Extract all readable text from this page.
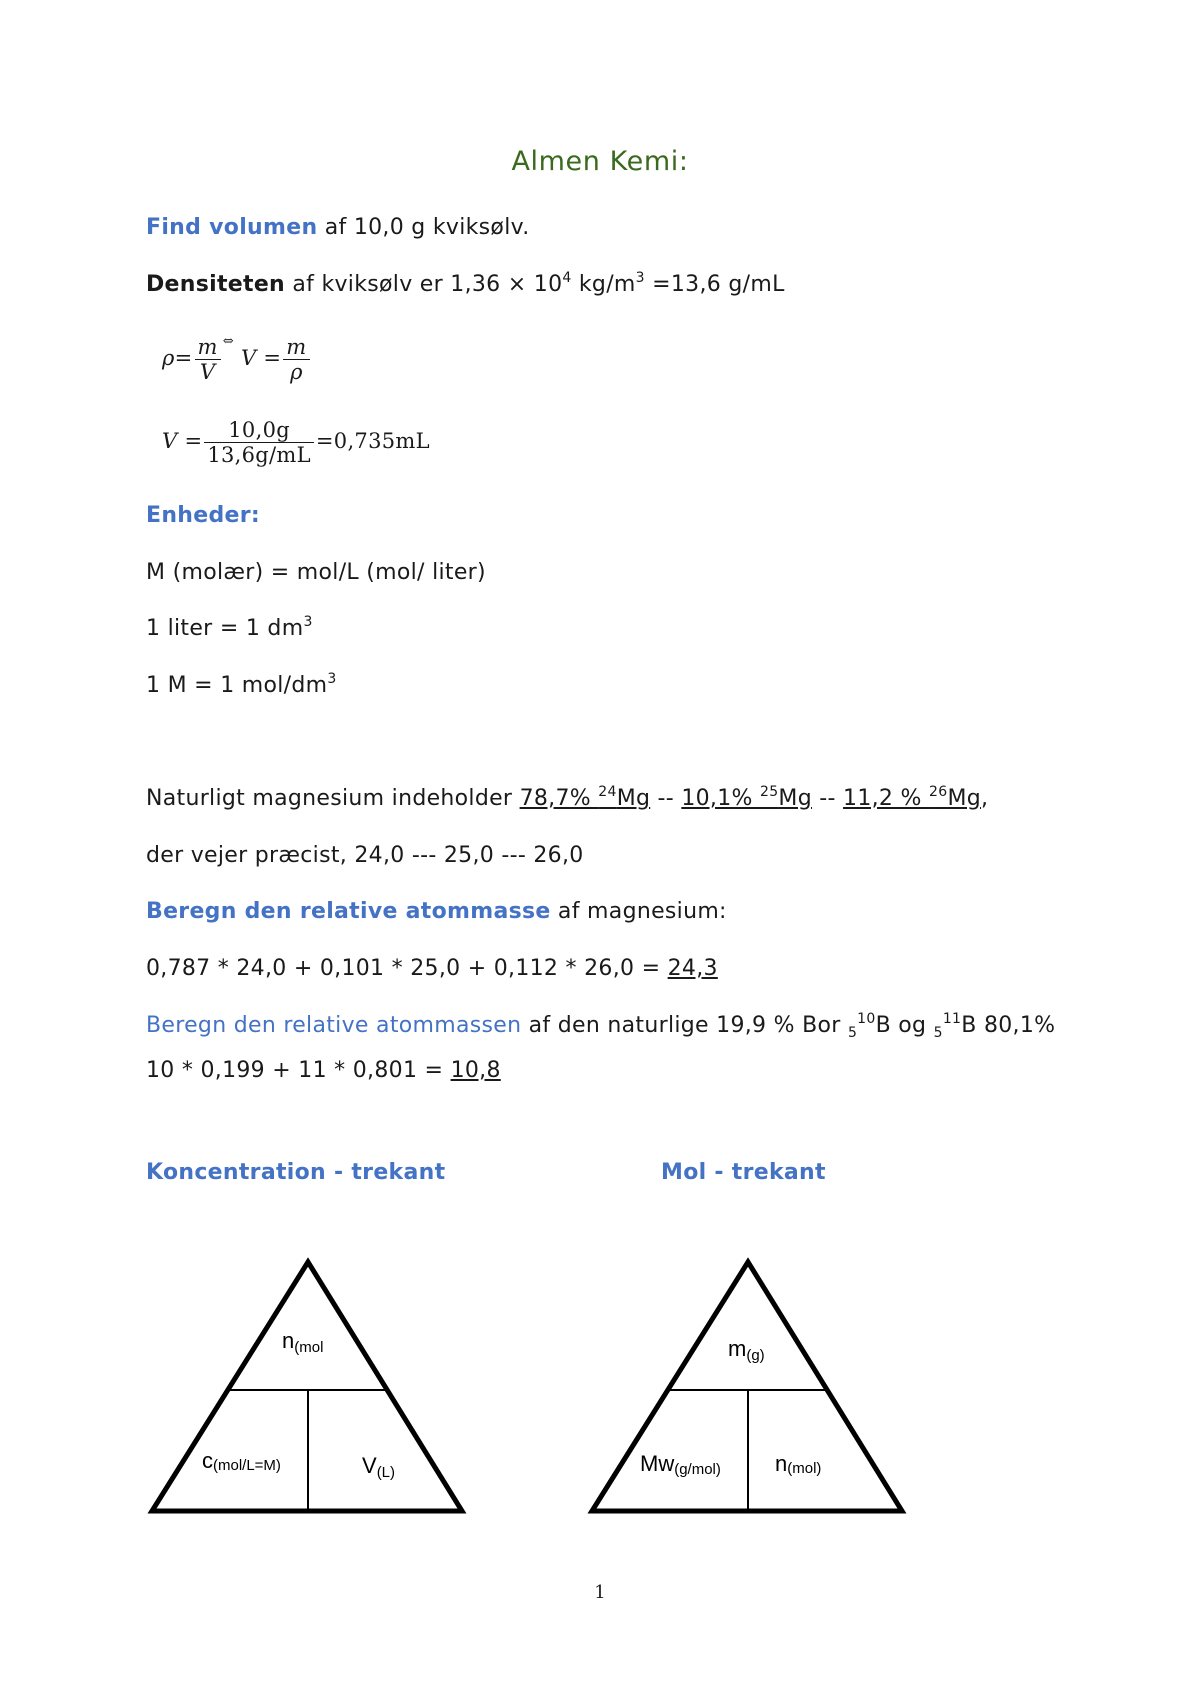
Almen Kemi:
Find volumen af 10,0 g kviksølv.
Densiteten af kviksølv er $1,36 \times 10^4$ $kg/m^3 =13,6$ g/mL
$\rho= \frac{m}{V} ^\Leftrightarrow$ $V = \frac{m}{\rho}$
$V = \frac{10,0g}{13,6g/mL} =0,735mL$
Enheder:
M (molær) = mol/L (mol/ liter)
1 liter = 1 $dm^3$
1 M = 1 mol/$dm^3$
Naturligt magnesium indeholder 78,7% $^{24}$Mg -- 10,1% $^{25}$Mg -- 11,2 % $^{26}$Mg,
der vejer præcist, 24,0 --- 25,0 --- 26,0
Beregn den relative atommasse af magnesium:
0,787 * 24,0 + 0,101 * 25,0 + 0,112 * 26,0 = 24,3
Beregn den relative atommassen af den naturlige 19,9 % Bor $_5^{10}$B og $_5^{11}$B 80,1%
10 * 0,199 + 11 * 0,801 = 10,8
Koncentration - trekant	Mol - trekant
n(mol
c(mol/L=M)	V(L)
m(g)
Mw(g/mol) n(mol)
1
